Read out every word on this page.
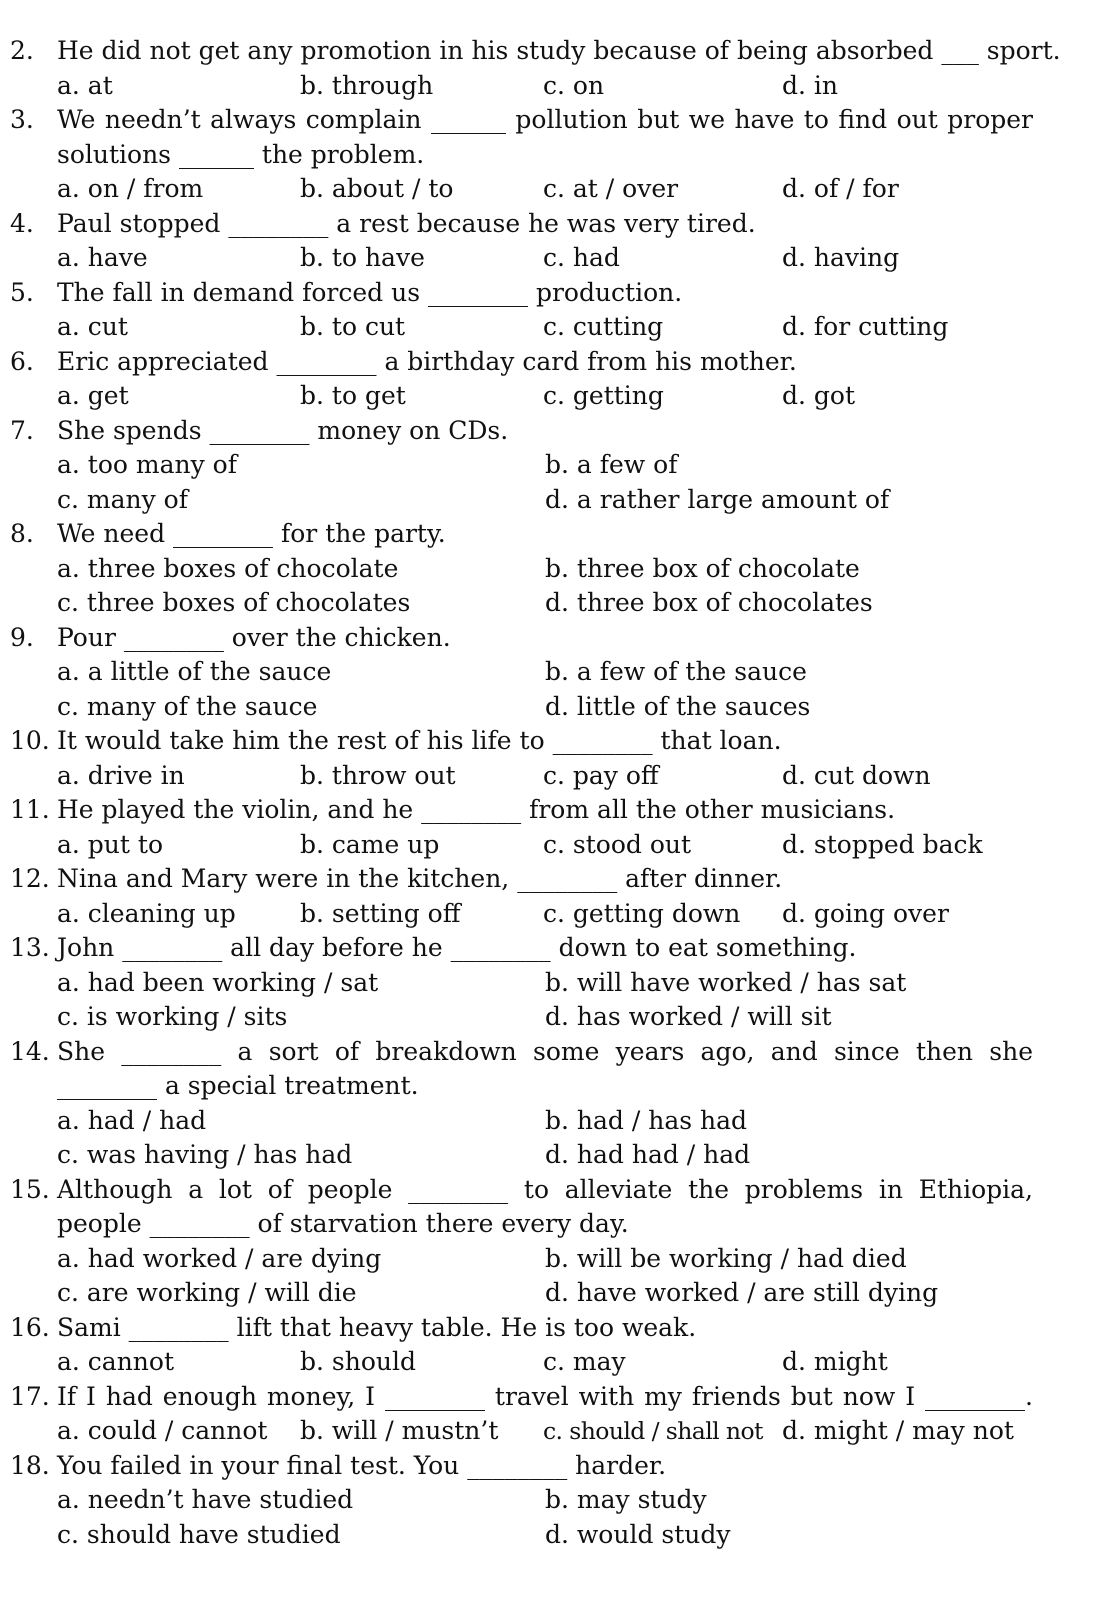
2. He did not get any promotion in his study because of being absorbed ___ sport.
a. at	b. through	c. on	d. in
3. We needn’t always complain ______ pollution but we have to find out proper
solutions ______ the problem.
a. on / from	b. about / to	c. at / over	d. of / for
4. Paul stopped ________ a rest because he was very tired.
a. have	b. to have	c. had	d. having
5. The fall in demand forced us ________ production.
a. cut	b. to cut	c. cutting	d. for cutting
6. Eric appreciated ________ a birthday card from his mother.
a. get	b. to get	c. getting	d. got
7. She spends ________ money on CDs.
a. too many of	b. a few of
c. many of	d. a rather large amount of
8. We need ________ for the party.
a. three boxes of chocolate	b. three box of chocolate
c. three boxes of chocolates	d. three box of chocolates
9. Pour ________ over the chicken.
a. a little of the sauce	b. a few of the sauce
c. many of the sauce	d. little of the sauces
10. It would take him the rest of his life to ________ that loan.
a. drive in	b. throw out	c. pay off	d. cut down
11. He played the violin, and he ________ from all the other musicians.
a. put to	b. came up	c. stood out	d. stopped back
12. Nina and Mary were in the kitchen, ________ after dinner.
a. cleaning up	b. setting off	c. getting down d. going over
13. John ________ all day before he ________ down to eat something.
a. had been working / sat	b. will have worked / has sat
c. is working / sits	d. has worked / will sit
14. She ________ a sort of breakdown some years ago, and since then she
________ a special treatment.
a. had / had	b. had / has had
c. was having / has had	d. had had / had
15. Although a lot of people ________ to alleviate the problems in Ethiopia,
people ________ of starvation there every day.
a. had worked / are dying	b. will be working / had died
c. are working / will die	d. have worked / are still dying
16. Sami ________ lift that heavy table. He is too weak.
a. cannot	b. should	c. may	d. might
17. If I had enough money, I ________ travel with my friends but now I ________.
a. could / cannot b. will / mustn’t c. should / shall not d. might / may not
18. You failed in your final test. You ________ harder.
a. needn’t have studied	b. may study
c. should have studied	d. would study
